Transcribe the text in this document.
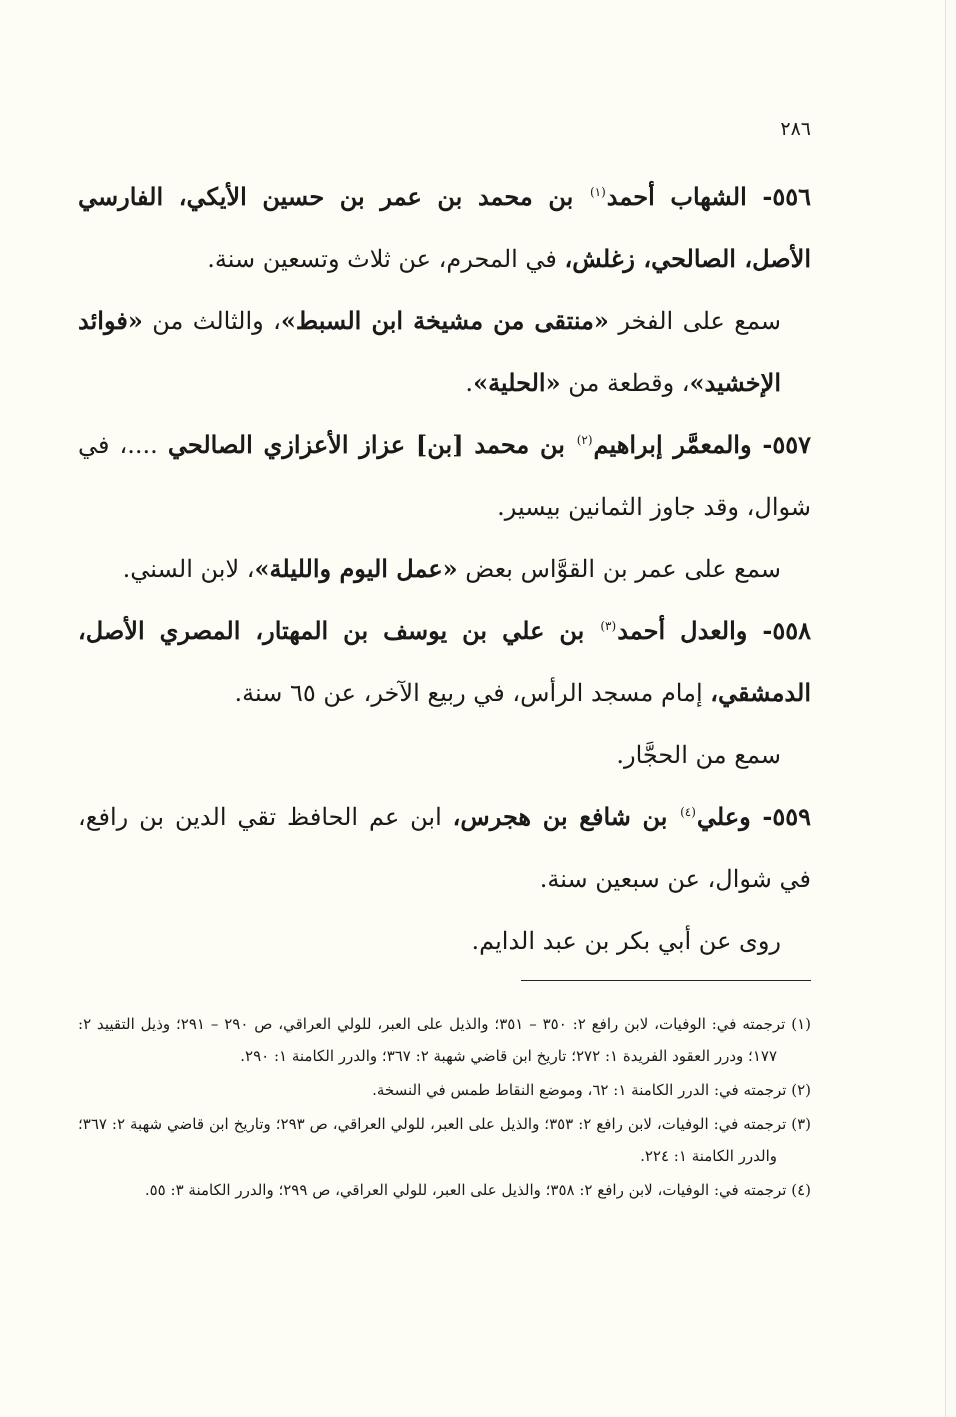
٢٨٦

٥٥٦- الشهاب أحمد$^{(١)}$ بن محمد بن عمر بن حسين الأيكي، الفارسي الأصل، الصالحي، زغلش، في المحرم، عن ثلاث وتسعين سنة.

سمع على الفخر «منتقى من مشيخة ابن السبط»، والثالث من «فوائد الإخشيد»، وقطعة من «الحلية».

٥٥٧- والمعمَّر إبراهيم$^{(٢)}$ بن محمد [بن] عزاز الأعزازي الصالحي ....، في شوال، وقد جاوز الثمانين بيسير.

سمع على عمر بن القوَّاس بعض «عمل اليوم والليلة»، لابن السني.

٥٥٨- والعدل أحمد$^{(٣)}$ بن علي بن يوسف بن المهتار، المصري الأصل، الدمشقي، إمام مسجد الرأس، في ربيع الآخر، عن ٦٥ سنة.

سمع من الحجَّار.

٥٥٩- وعلي$^{(٤)}$ بن شافع بن هجرس، ابن عم الحافظ تقي الدين بن رافع، في شوال، عن سبعين سنة.

روى عن أبي بكر بن عبد الدايم.

(١) ترجمته في: الوفيات، لابن رافع ٢: ٣٥٠ – ٣٥١؛ والذيل على العبر، للولي العراقي، ص ٢٩٠ – ٢٩١؛ وذيل التقييد ٢: ١٧٧؛ ودرر العقود الفريدة ١: ٢٧٢؛ تاريخ ابن قاضي شهبة ٢: ٣٦٧؛ والدرر الكامنة ١: ٢٩٠.

(٢) ترجمته في: الدرر الكامنة ١: ٦٢، وموضع النقاط طمس في النسخة.

(٣) ترجمته في: الوفيات، لابن رافع ٢: ٣٥٣؛ والذيل على العبر، للولي العراقي، ص ٢٩٣؛ وتاريخ ابن قاضي شهبة ٢: ٣٦٧؛ والدرر الكامنة ١: ٢٢٤.

(٤) ترجمته في: الوفيات، لابن رافع ٢: ٣٥٨؛ والذيل على العبر، للولي العراقي، ص ٢٩٩؛ والدرر الكامنة ٣: ٥٥.
